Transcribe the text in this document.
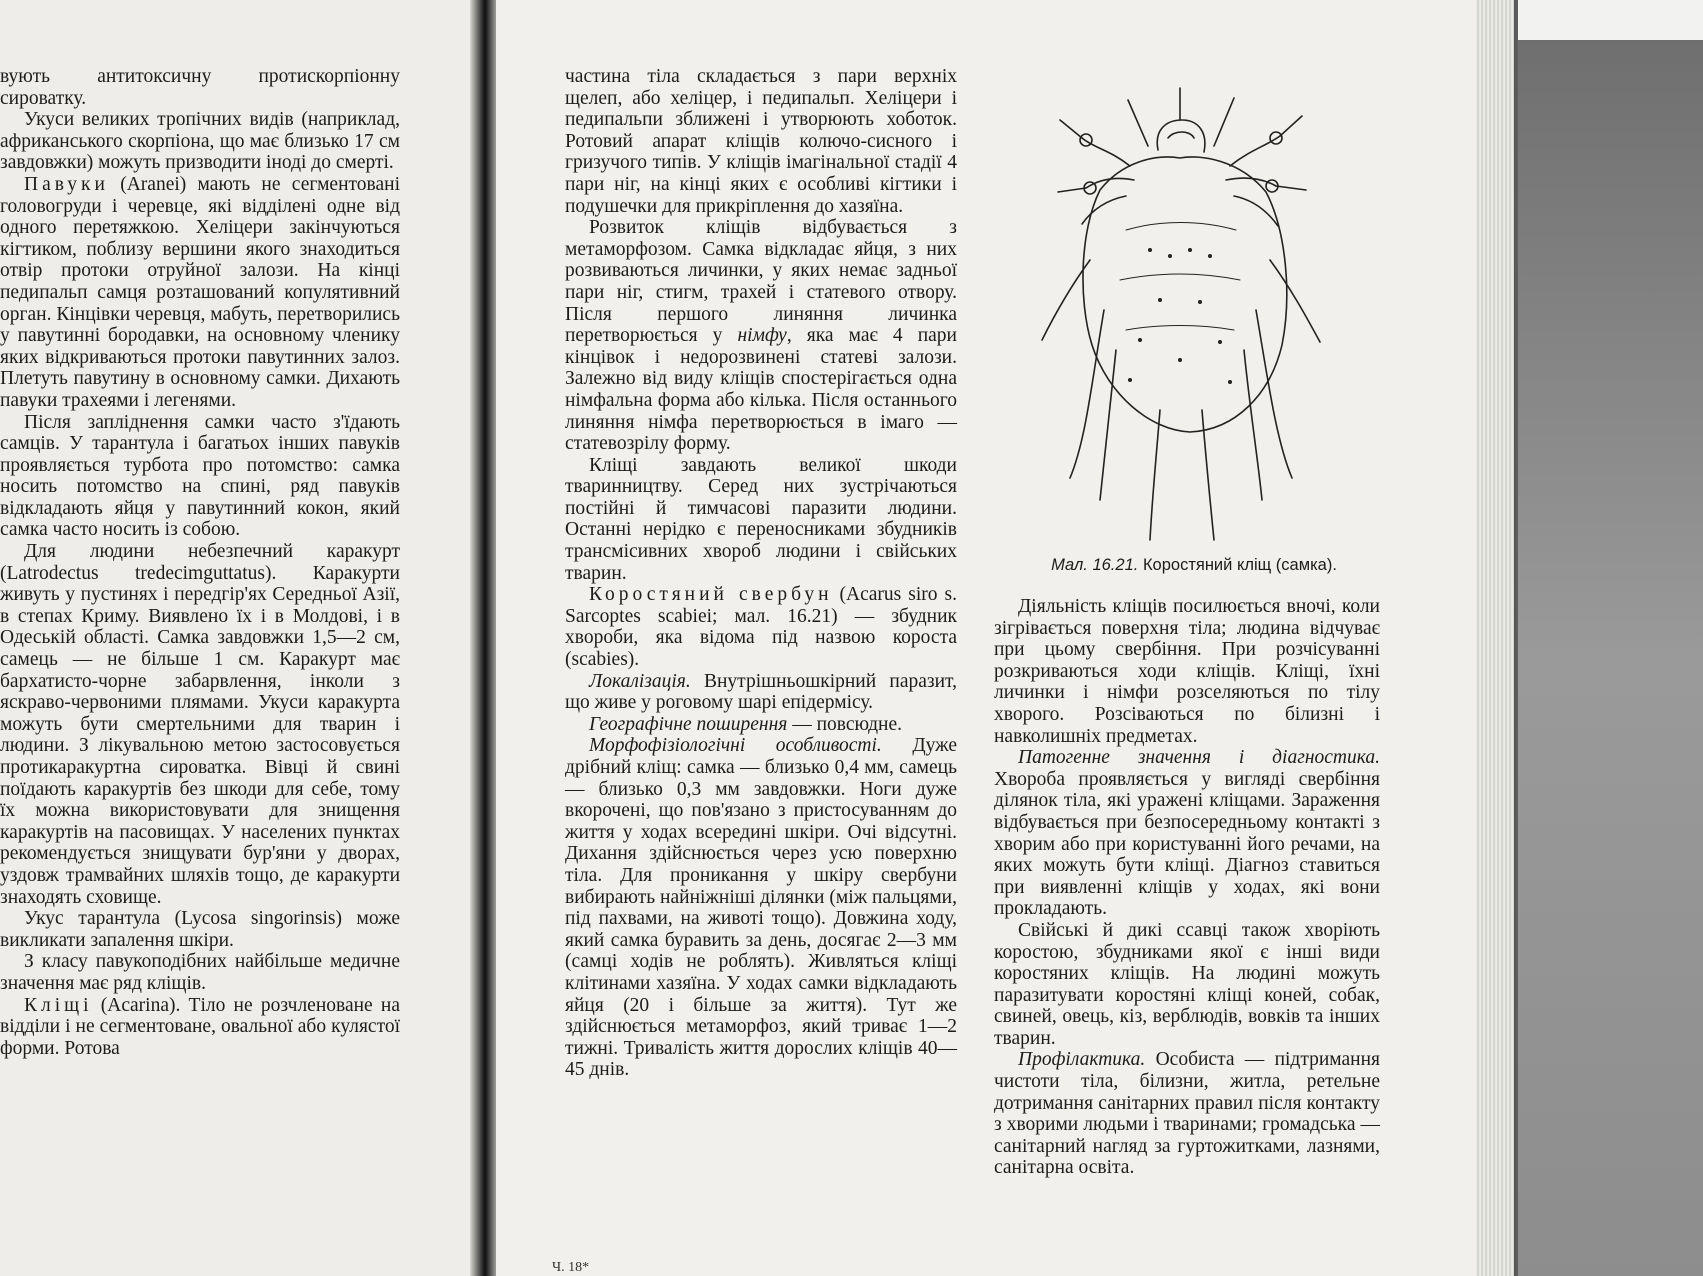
вують антитоксичну протискорпіонну сироватку.

Укуси великих тропічних видів (наприклад, африканського скорпіона, що має близько 17 см завдовжки) можуть призводити іноді до смерті.

Павуки (Aranei) мають не сегментовані головогруди і черевце, які відділені одне від одного перетяжкою. Хеліцери закінчуються кігтиком, поблизу вершини якого знаходиться отвір протоки отруйної залози. На кінці педипальп самця розташований копулятивний орган. Кінцівки черевця, мабуть, перетворились у павутинні бородавки, на основному членику яких відкриваються протоки павутинних залоз. Плетуть павутину в основному самки. Дихають павуки трахеями і легенями.

Після запліднення самки часто з'їдають самців. У тарантула і багатьох інших павуків проявляється турбота про потомство: самка носить потомство на спині, ряд павуків відкладають яйця у павутинний кокон, який самка часто носить із собою.

Для людини небезпечний каракурт (Latrodectus tredecimguttatus). Каракурти живуть у пустинях і передгір'ях Середньої Азії, в степах Криму. Виявлено їх і в Молдові, і в Одеській області. Самка завдовжки 1,5—2 см, самець — не більше 1 см. Каракурт має бархатисто-чорне забарвлення, інколи з яскраво-червоними плямами. Укуси каракурта можуть бути смертельними для тварин і людини. З лікувальною метою застосовується протикаракуртна сироватка. Вівці й свині поїдають каракуртів без шкоди для себе, тому їх можна використовувати для знищення каракуртів на пасовищах. У населених пунктах рекомендується знищувати бур'яни у дворах, уздовж трамвайних шляхів тощо, де каракурти знаходять сховище.

Укус тарантула (Lycosa singorinsis) може викликати запалення шкіри.

З класу павукоподібних найбільше медичне значення має ряд кліщів.

Кліщі (Acarina). Тіло не розчленоване на відділи і не сегментоване, овальної або кулястої форми. Ротова

частина тіла складається з пари верхніх щелеп, або хеліцер, і педипальп. Хеліцери і педипальпи зближені і утворюють хоботок. Ротовий апарат кліщів колючо-сисного і гризучого типів. У кліщів імагінальної стадії 4 пари ніг, на кінці яких є особливі кігтики і подушечки для прикріплення до хазяїна.

Розвиток кліщів відбувається з метаморфозом. Самка відкладає яйця, з них розвиваються личинки, у яких немає задньої пари ніг, стигм, трахей і статевого отвору. Після першого линяння личинка перетворюється у німфу, яка має 4 пари кінцівок і недорозвинені статеві залози. Залежно від виду кліщів спостерігається одна німфальна форма або кілька. Після останнього линяння німфа перетворюється в імаго — статевозрілу форму.

Кліщі завдають великої шкоди тваринництву. Серед них зустрічаються постійні й тимчасові паразити людини. Останні нерідко є переносниками збудників трансмісивних хвороб людини і свійських тварин.

Коростяний свербун (Acarus siro s. Sarcoptes scabiei; мал. 16.21) — збудник хвороби, яка відома під назвою короста (scabies).

Локалізація. Внутрішньошкірний паразит, що живе у роговому шарі епідермісу.

Географічне поширення — повсюдне.

Морфофізіологічні особливості. Дуже дрібний кліщ: самка — близько 0,4 мм, самець — близько 0,3 мм завдовжки. Ноги дуже вкорочені, що пов'язано з пристосуванням до життя у ходах всередині шкіри. Очі відсутні. Дихання здійснюється через усю поверхню тіла. Для проникання у шкіру свербуни вибирають найніжніші ділянки (між пальцями, під пахвами, на животі тощо). Довжина ходу, який самка буравить за день, досягає 2—3 мм (самці ходів не роблять). Живляться кліщі клітинами хазяїна. У ходах самки відкладають яйця (20 і більше за життя). Тут же здійснюється метаморфоз, який триває 1—2 тижні. Тривалість життя дорослих кліщів 40—45 днів.

Мал. 16.21. Коростяний кліщ (самка).

Діяльність кліщів посилюється вночі, коли зігрівається поверхня тіла; людина відчуває при цьому свербіння. При розчісуванні розкриваються ходи кліщів. Кліщі, їхні личинки і німфи розселяються по тілу хворого. Розсіваються по білизні і навколишніх предметах.

Патогенне значення і діагностика. Хвороба проявляється у вигляді свербіння ділянок тіла, які уражені кліщами. Зараження відбувається при безпосередньому контакті з хворим або при користуванні його речами, на яких можуть бути кліщі. Діагноз ставиться при виявленні кліщів у ходах, які вони прокладають.

Свійські й дикі ссавці також хворіють коростою, збудниками якої є інші види коростяних кліщів. На людині можуть паразитувати коростяні кліщі коней, собак, свиней, овець, кіз, верблюдів, вовків та інших тварин.

Профілактика. Особиста — підтримання чистоти тіла, білизни, житла, ретельне дотримання санітарних правил після контакту з хворими людьми і тваринами; громадська — санітарний нагляд за гуртожитками, лазнями, санітарна освіта.

Ч. 18*
